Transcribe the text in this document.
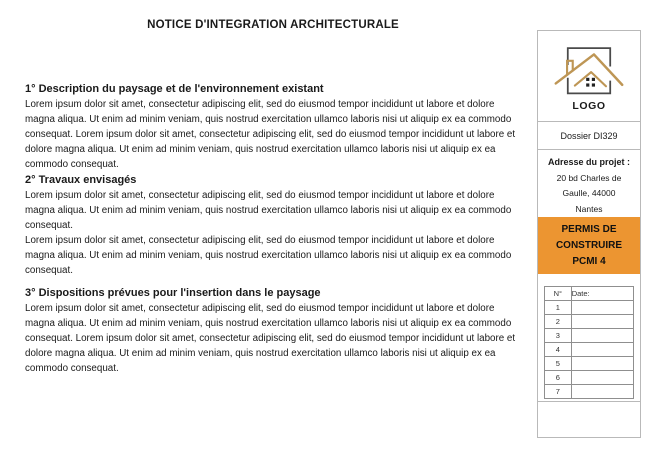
NOTICE D'INTEGRATION ARCHITECTURALE
1° Description du paysage et de l'environnement existant

Lorem ipsum dolor sit amet, consectetur adipiscing elit, sed do eiusmod tempor incididunt ut labore et dolore magna aliqua. Ut enim ad minim veniam, quis nostrud exercitation ullamco laboris nisi ut aliquip ex ea commodo consequat. Lorem ipsum dolor sit amet, consectetur adipiscing elit, sed do eiusmod tempor incididunt ut labore et dolore magna aliqua. Ut enim ad minim veniam, quis nostrud exercitation ullamco laboris nisi ut aliquip ex ea commodo consequat.

2° Travaux envisagés

Lorem ipsum dolor sit amet, consectetur adipiscing elit, sed do eiusmod tempor incididunt ut labore et dolore magna aliqua. Ut enim ad minim veniam, quis nostrud exercitation ullamco laboris nisi ut aliquip ex ea commodo consequat.

Lorem ipsum dolor sit amet, consectetur adipiscing elit, sed do eiusmod tempor incididunt ut labore et dolore magna aliqua. Ut enim ad minim veniam, quis nostrud exercitation ullamco laboris nisi ut aliquip ex ea commodo consequat.

3° Dispositions prévues pour l'insertion dans le paysage

Lorem ipsum dolor sit amet, consectetur adipiscing elit, sed do eiusmod tempor incididunt ut labore et dolore magna aliqua. Ut enim ad minim veniam, quis nostrud exercitation ullamco laboris nisi ut aliquip ex ea commodo consequat. Lorem ipsum dolor sit amet, consectetur adipiscing elit, sed do eiusmod tempor incididunt ut labore et dolore magna aliqua. Ut enim ad minim veniam, quis nostrud exercitation ullamco laboris nisi ut aliquip ex ea commodo consequat.

LOGO
Dossier DI329
Adresse du projet :
20 bd Charles de
Gaulle, 44000
Nantes
PERMIS DE
CONSTRUIRE
PCMI 4
N°	Date:
1	
2	
3	
4	
5	
6	
7	
